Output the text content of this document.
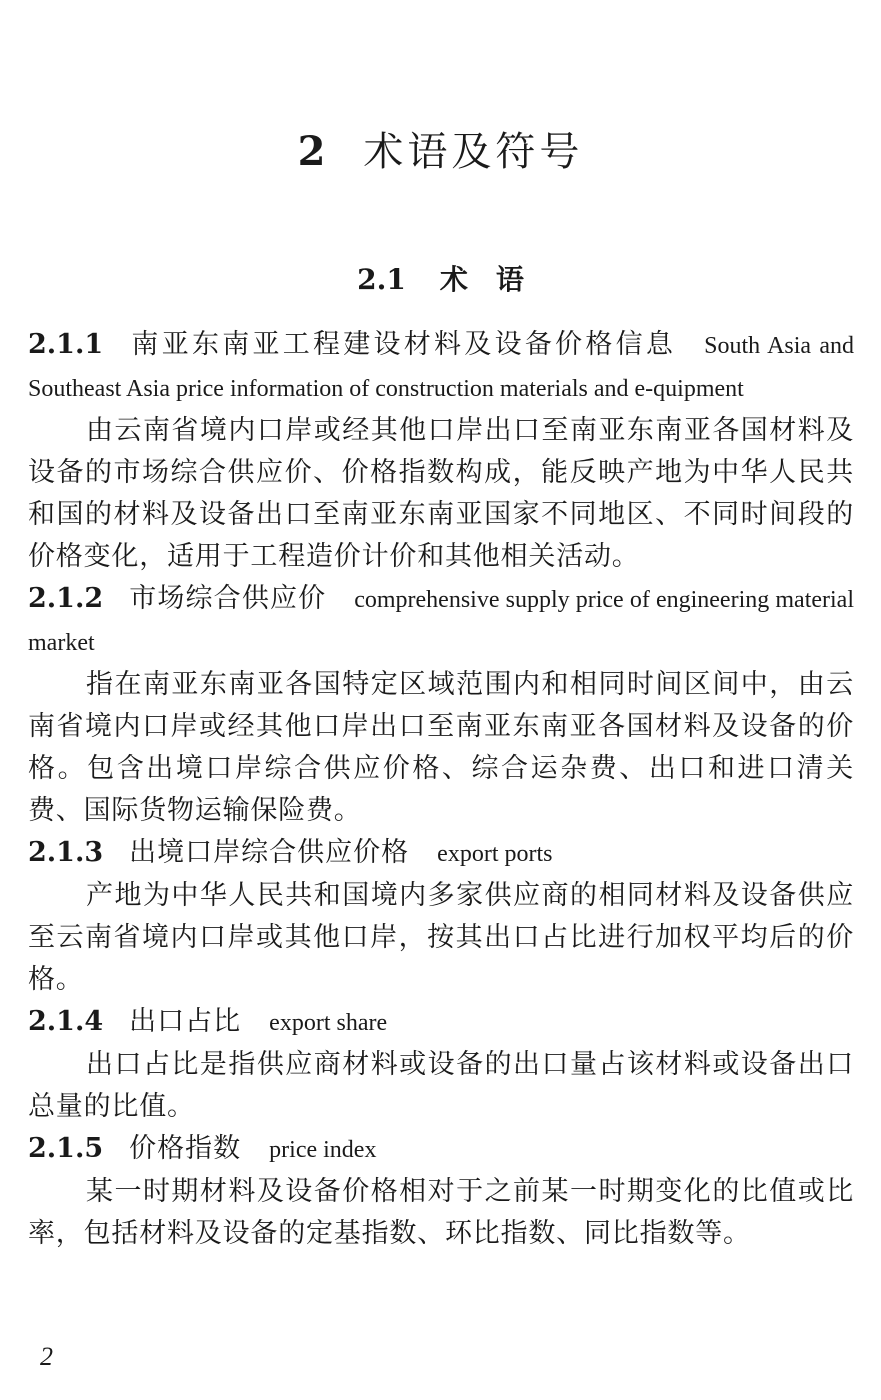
2 术语及符号
2.1 术语

2.1.1 南亚东南亚工程建设材料及设备价格信息 South Asia and Southeast Asia price information of construction materials and e-quipment

由云南省境内口岸或经其他口岸出口至南亚东南亚各国材料及设备的市场综合供应价、价格指数构成，能反映产地为中华人民共和国的材料及设备出口至南亚东南亚国家不同地区、不同时间段的价格变化，适用于工程造价计价和其他相关活动。

2.1.2 市场综合供应价 comprehensive supply price of engineering material market

指在南亚东南亚各国特定区域范围内和相同时间区间中，由云南省境内口岸或经其他口岸出口至南亚东南亚各国材料及设备的价格。包含出境口岸综合供应价格、综合运杂费、出口和进口清关费、国际货物运输保险费。

2.1.3 出境口岸综合供应价格 export ports

产地为中华人民共和国境内多家供应商的相同材料及设备供应至云南省境内口岸或其他口岸，按其出口占比进行加权平均后的价格。

2.1.4 出口占比 export share

出口占比是指供应商材料或设备的出口量占该材料或设备出口总量的比值。

2.1.5 价格指数 price index

某一时期材料及设备价格相对于之前某一时期变化的比值或比率，包括材料及设备的定基指数、环比指数、同比指数等。

2
